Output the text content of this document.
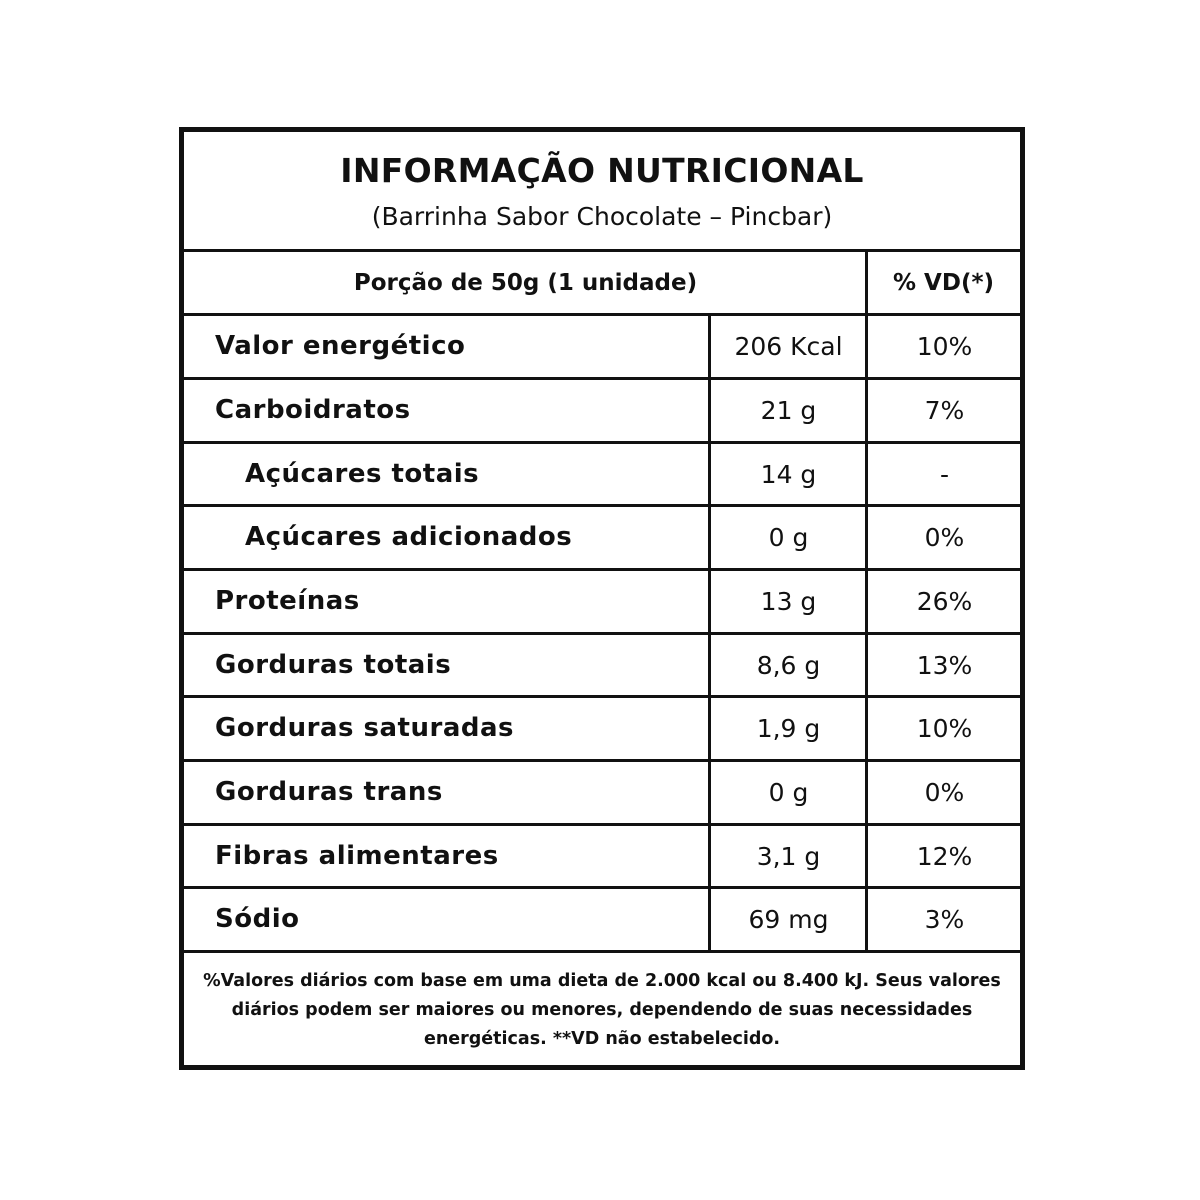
INFORMAÇÃO NUTRICIONAL
(Barrinha Sabor Chocolate – Pincbar)
Porção de 50g (1 unidade)	% VD(*)
Valor energético	206 Kcal	10%
Carboidratos	21 g	7%
Açúcares totais	14 g	-
Açúcares adicionados	0 g	0%
Proteínas	13 g	26%
Gorduras totais	8,6 g	13%
Gorduras saturadas	1,9 g	10%
Gorduras trans	0 g	0%
Fibras alimentares	3,1 g	12%
Sódio	69 mg	3%
%Valores diários com base em uma dieta de 2.000 kcal ou 8.400 kJ. Seus valores diários podem ser maiores ou menores, dependendo de suas necessidades energéticas. **VD não estabelecido.
